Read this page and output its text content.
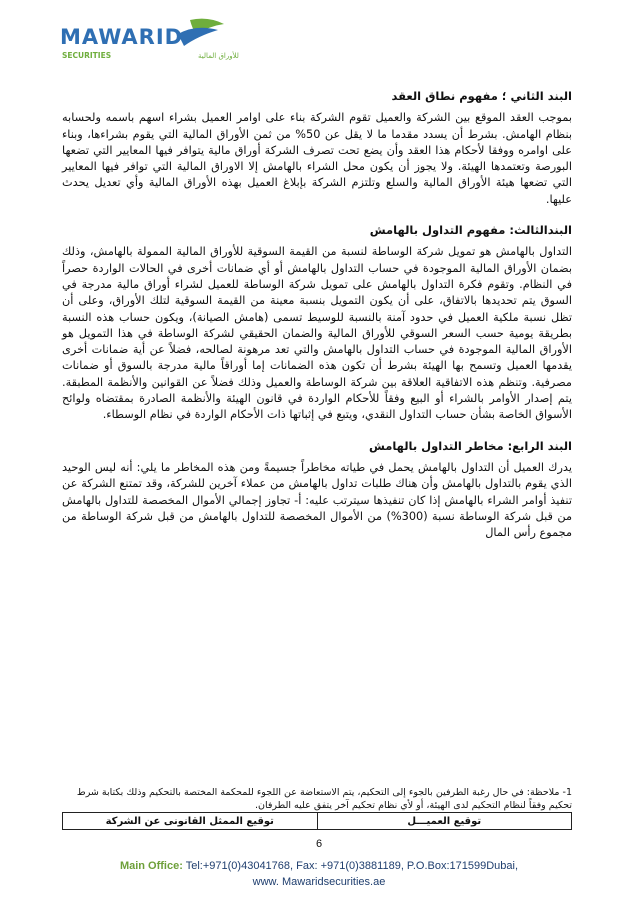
MAWARID
SECURITIES	للأوراق المالية
البند الثاني ؛ مفهوم نطاق العقد
بموجب العقد الموقع بين الشركة والعميل تقوم الشركة بناء على اوامر العميل بشراء اسهم باسمه ولحسابه بنظام الهامش. بشرط أن يسدد مقدما ما لا يقل عن 50% من ثمن الأوراق المالية التي يقوم بشراءها، وبناء على اوامره ووفقا لأحكام هذا العقد وأن يضع تحت تصرف الشركة أوراق مالية يتوافر فيها المعايير التي تضعها البورصة وتعتمدها الهيئة. ولا يجوز أن يكون محل الشراء بالهامش إلا الاوراق المالية التي توافر فيها المعايير التي تضعها هيئة الأوراق المالية والسلع وتلتزم الشركة بإبلاغ العميل بهذه الأوراق المالية وأي تعديل يحدث عليها.
البندالثالث: مفهوم التداول بالهامش
التداول بالهامش هو تمويل شركة الوساطة لنسبة من القيمة السوقية للأوراق المالية الممولة بالهامش، وذلك بضمان الأوراق المالية الموجودة في حساب التداول بالهامش أو أي ضمانات أخرى في الحالات الواردة حصراً في النظام. وتقوم فكرة التداول بالهامش على تمويل شركة الوساطة للعميل لشراء أوراق مالية مدرجة في السوق يتم تحديدها بالاتفاق، على أن يكون التمويل بنسبة معينة من القيمة السوقية لتلك الأوراق، وعلى أن تظل نسبة ملكية العميل في حدود آمنة بالنسبة للوسيط تسمى (هامش الصيانة)، ويكون حساب هذه النسبة بطريقة يومية حسب السعر السوقي للأوراق المالية والضمان الحقيقي لشركة الوساطة في هذا التمويل هو الأوراق المالية الموجودة في حساب التداول بالهامش والتي تعد مرهونة لصالحه، فضلاً عن أية ضمانات أخرى يقدمها العميل وتسمح بها الهيئة بشرط أن تكون هذه الضمانات إما أوراقاً مالية مدرجة بالسوق أو ضمانات مصرفية. وتنظم هذه الاتفاقية العلاقة بين شركة الوساطة والعميل وذلك فضلاً عن القوانين والأنظمة المطبقة. يتم إصدار الأوامر بالشراء أو البيع وفقاً للأحكام الواردة في قانون الهيئة والأنظمة الصادرة بمقتضاه ولوائح الأسواق الخاصة بشأن حساب التداول النقدي، ويتبع في إثباتها ذات الأحكام الواردة في نظام الوسطاء.
البند الرابع: مخاطر التداول بالهامش
يدرك العميل أن التداول بالهامش يحمل في طياته مخاطراً جسيمةً ومن هذه المخاطر ما يلي: أنه ليس الوحيد الذي يقوم بالتداول بالهامش وأن هناك طلبات تداول بالهامش من عملاء آخرين للشركة، وقد تمتنع الشركة عن تنفيذ أوامر الشراء بالهامش إذا كان تنفيذها سيترتب عليه: أ- تجاوز إجمالي الأموال المخصصة للتداول بالهامش من قبل شركة الوساطة نسبة (300%) من الأموال المخصصة للتداول بالهامش من قبل شركة الوساطة من مجموع رأس المال
1- ملاحظة: في حال رغبة الطرفين بالجوء إلى التحكيم، يتم الاستعاضة عن اللجوء للمحكمة المختصة بالتحكيم وذلك بكتابة شرط تحكيم وفقاً لنظام التحكيم لدى الهيئة، أو لأي نظام تحكيم آخر يتفق عليه الطرفان.
توقيع العميـــل	توقيع الممثل القانونى عن الشركة
6
Main Office: Tel:+971(0)43041768, Fax: +971(0)3881189, P.O.Box:171599Dubai,
www. Mawaridsecurities.ae
